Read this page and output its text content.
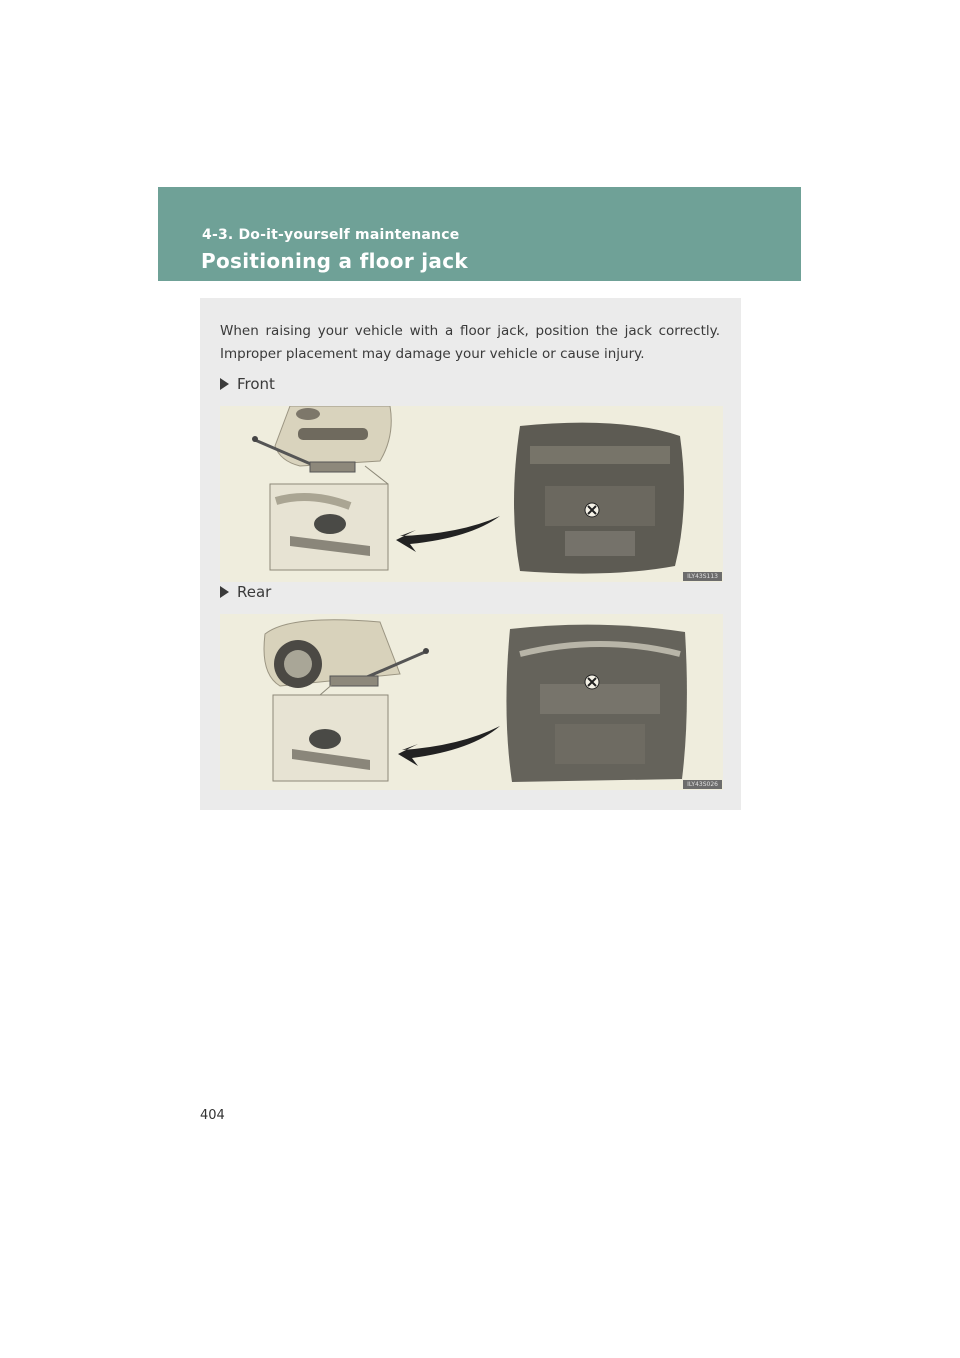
4-3. Do-it-yourself maintenance
Positioning a floor jack

When raising your vehicle with a floor jack, position the jack correctly. Improper placement may damage your vehicle or cause injury.

Front
ILY43S113
Rear
ILY43S026
404
